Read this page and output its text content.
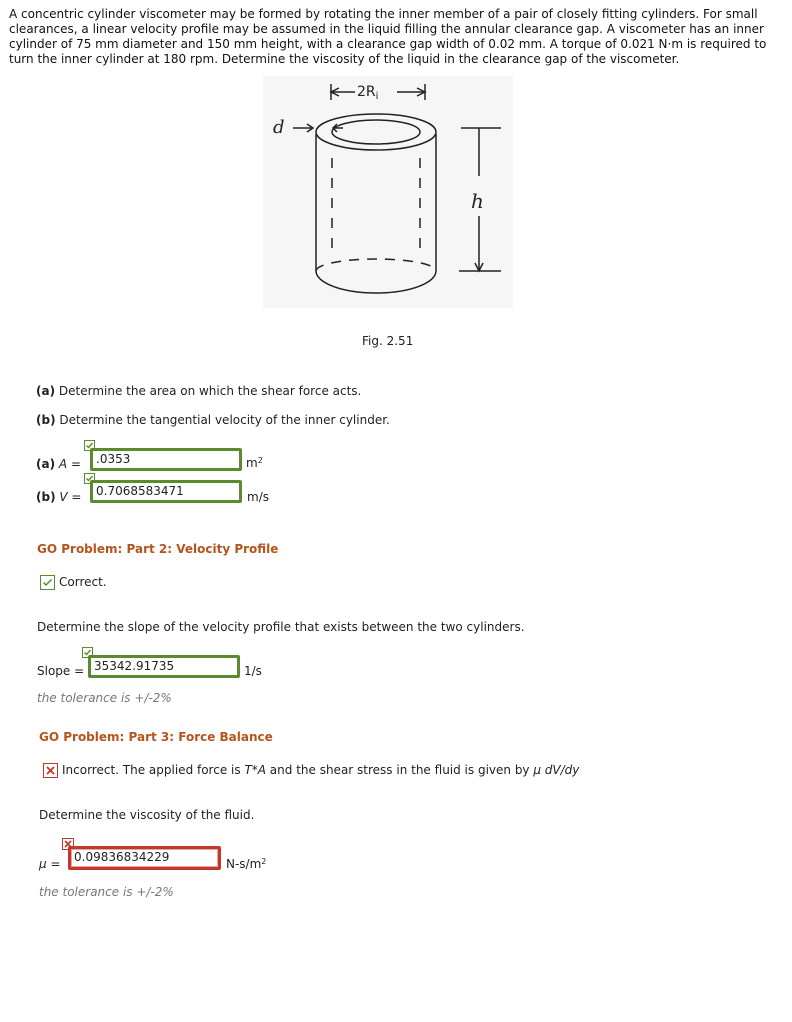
A concentric cylinder viscometer may be formed by rotating the inner member of a pair of closely fitting cylinders. For small clearances, a linear velocity profile may be assumed in the liquid filling the annular clearance gap. A viscometer has an inner cylinder of 75 mm diameter and 150 mm height, with a clearance gap width of 0.02 mm. A torque of 0.021 N·m is required to turn the inner cylinder at 180 rpm. Determine the viscosity of the liquid in the clearance gap of the viscometer.
$2R_i$
d
h
Fig. 2.51
(a) Determine the area on which the shear force acts.
(b) Determine the tangential velocity of the inner cylinder.
(a) A = .0353	$m^2$
(b) V = 0.7068583471	m/s
GO Problem: Part 2: Velocity Profile
Correct.
Determine the slope of the velocity profile that exists between the two cylinders.
Slope = 35342.91735	1/s
the tolerance is +/-2%
GO Problem: Part 3: Force Balance
Incorrect. The applied force is T*A and the shear stress in the fluid is given by μ dV/dy
Determine the viscosity of the fluid.
μ = 0.09836834229	$N-s/m^2$
the tolerance is +/-2%
